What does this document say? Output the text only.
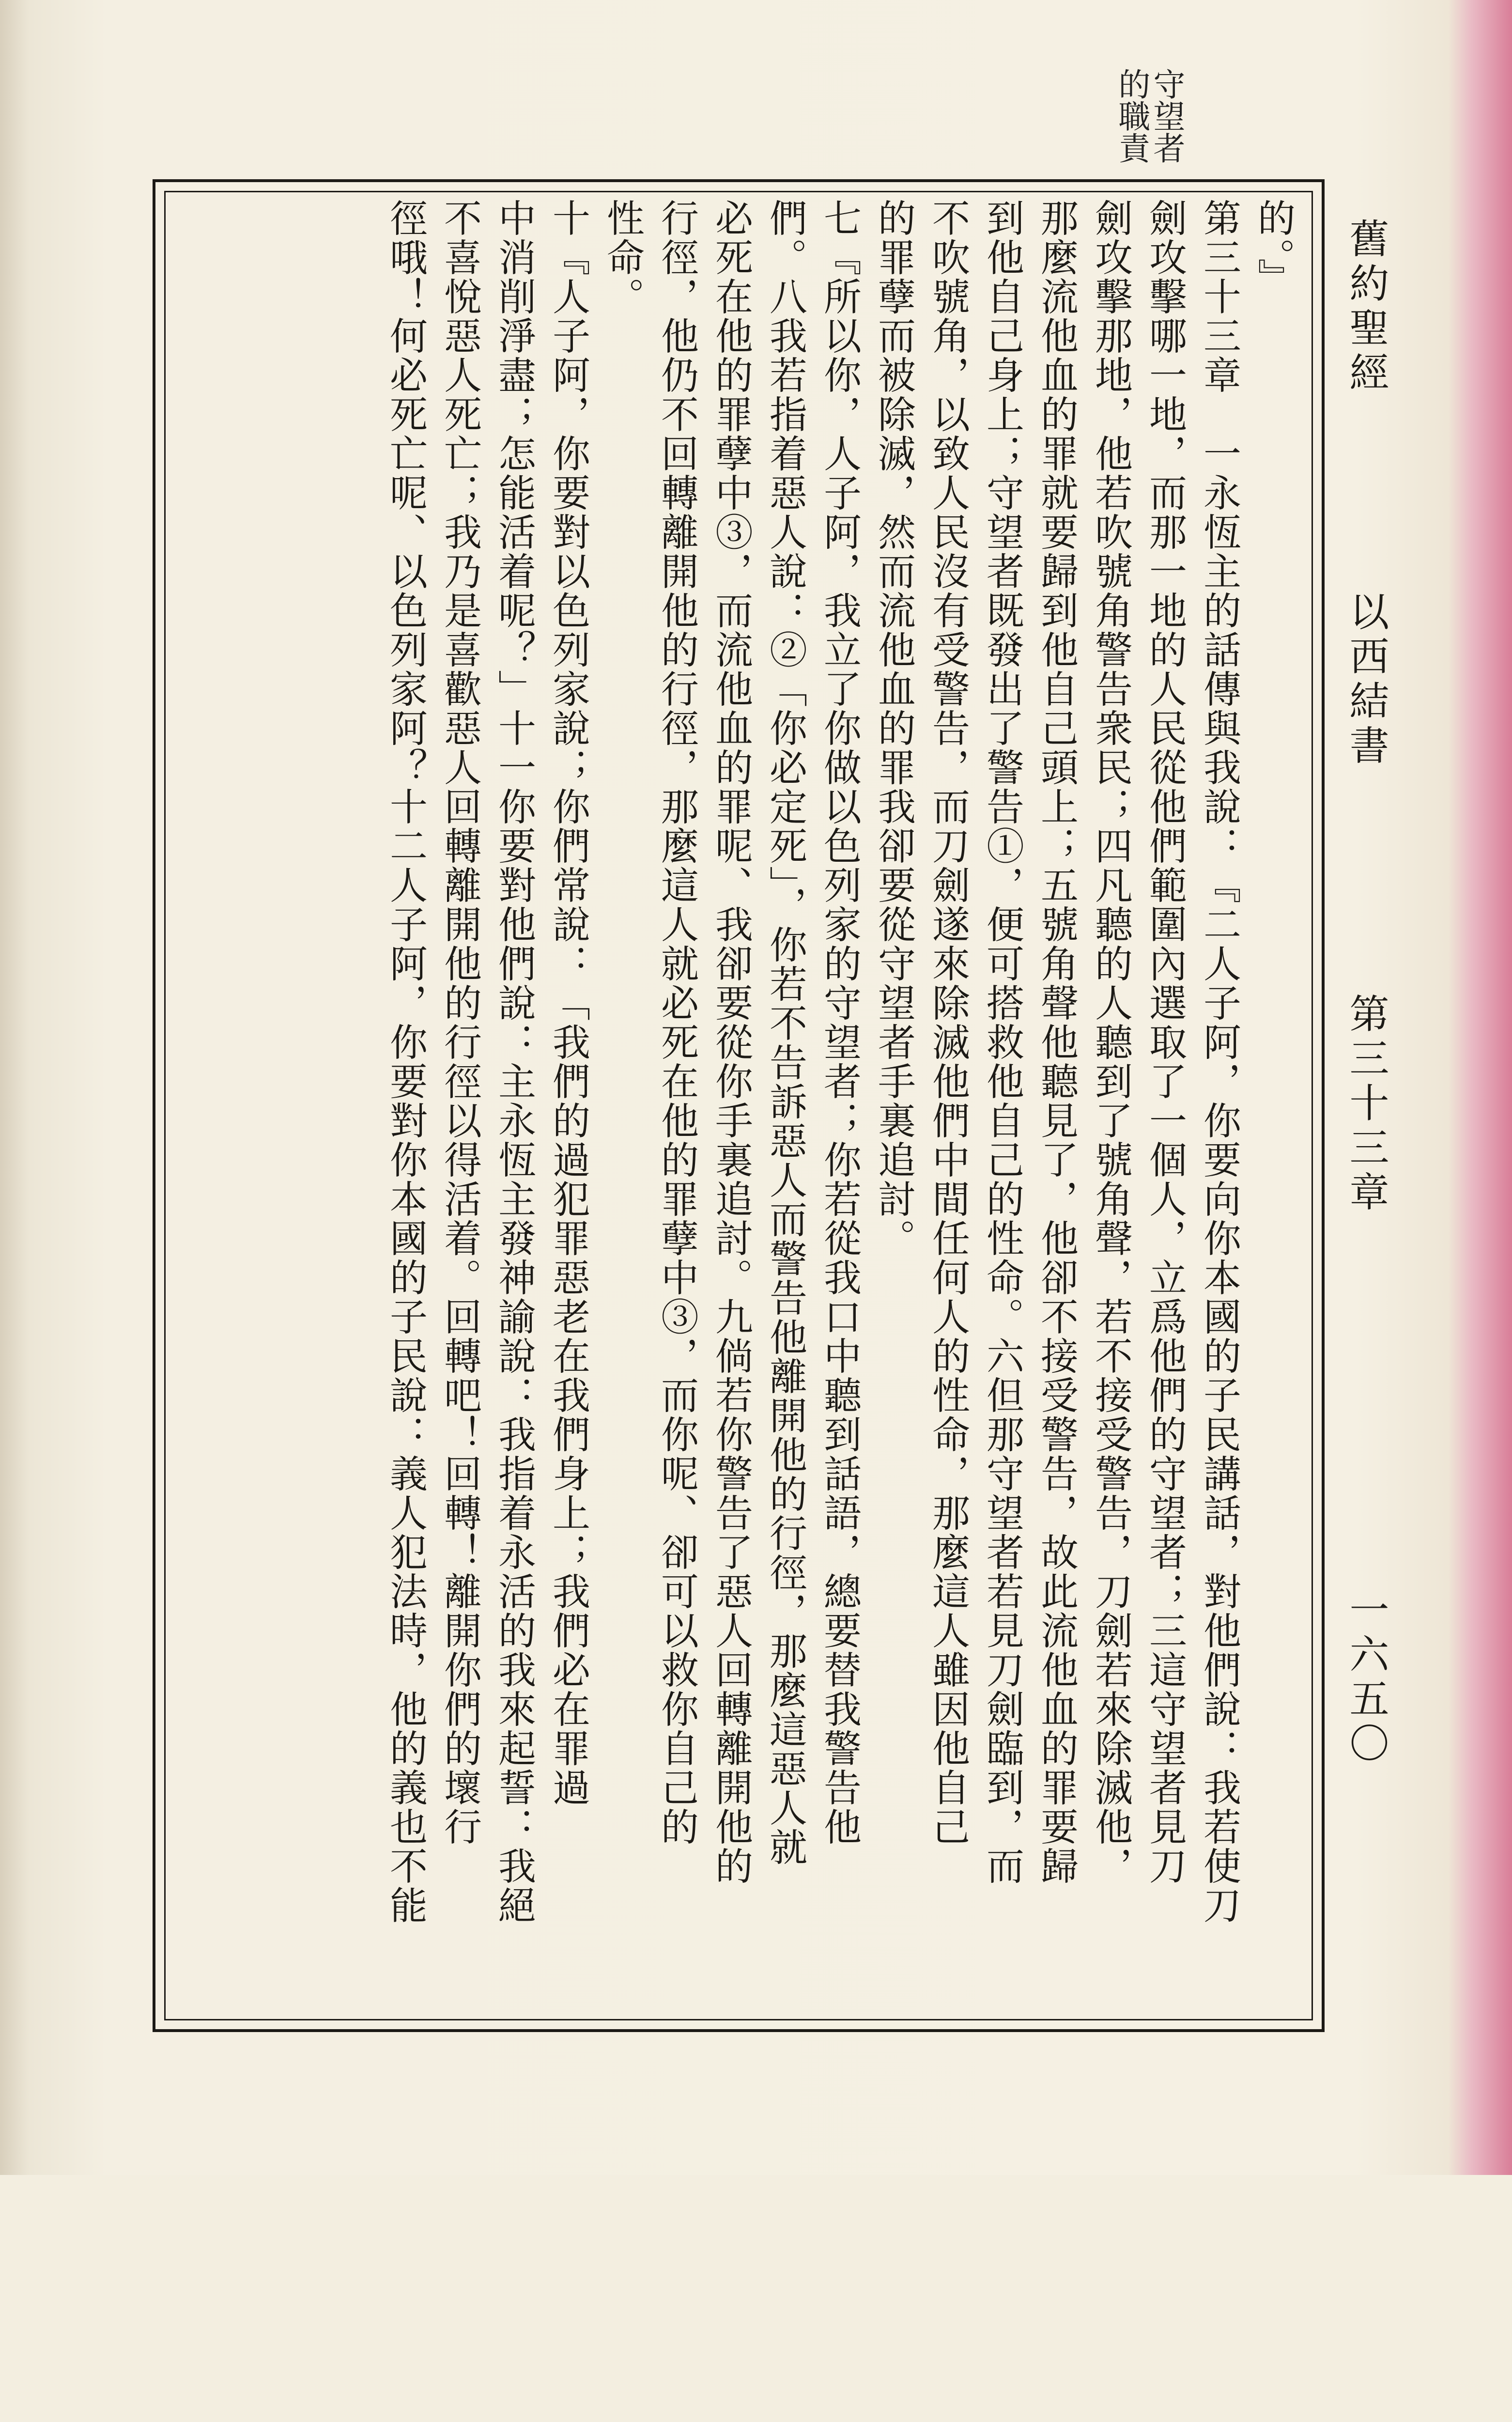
守望者的職責
舊約聖經
以西結書
第三十三章
一六五〇
的。』
第三十三章　一永恆主的話傳與我說：『二人子阿，你要向你本國的子民講話，對他們說：我若使刀
劍攻擊哪一地，而那一地的人民從他們範圍內選取了一個人，立爲他們的守望者；三這守望者見刀
劍攻擊那地，他若吹號角警告衆民；四凡聽的人聽到了號角聲，若不接受警告，刀劍若來除滅他，
那麼流他血的罪就要歸到他自己頭上；五號角聲他聽見了，他卻不接受警告，故此流他血的罪要歸
到他自己身上；守望者既發出了警告①，便可搭救他自己的性命。六但那守望者若見刀劍臨到，而
不吹號角，以致人民沒有受警告，而刀劍遂來除滅他們中間任何人的性命，那麼這人雖因他自己
的罪孽而被除滅，然而流他血的罪我卻要從守望者手裏追討。
七『所以你，人子阿，我立了你做以色列家的守望者；你若從我口中聽到話語，總要替我警告他
們。八我若指着惡人說：②「你必定死」，你若不告訴惡人而警告他離開他的行徑，那麼這惡人就
必死在他的罪孽中③，而流他血的罪呢、我卻要從你手裏追討。九倘若你警告了惡人回轉離開他的
行徑，他仍不回轉離開他的行徑，那麼這人就必死在他的罪孽中③，而你呢、卻可以救你自己的
性命。
十『人子阿，你要對以色列家說；你們常說：「我們的過犯罪惡老在我們身上；我們必在罪過
中消削淨盡；怎能活着呢？」十一你要對他們說：主永恆主發神諭說：我指着永活的我來起誓：我絕
不喜悅惡人死亡；我乃是喜歡惡人回轉離開他的行徑以得活着。回轉吧！回轉！離開你們的壞行
徑哦！何必死亡呢、以色列家阿？十二人子阿，你要對你本國的子民說：義人犯法時，他的義也不能
